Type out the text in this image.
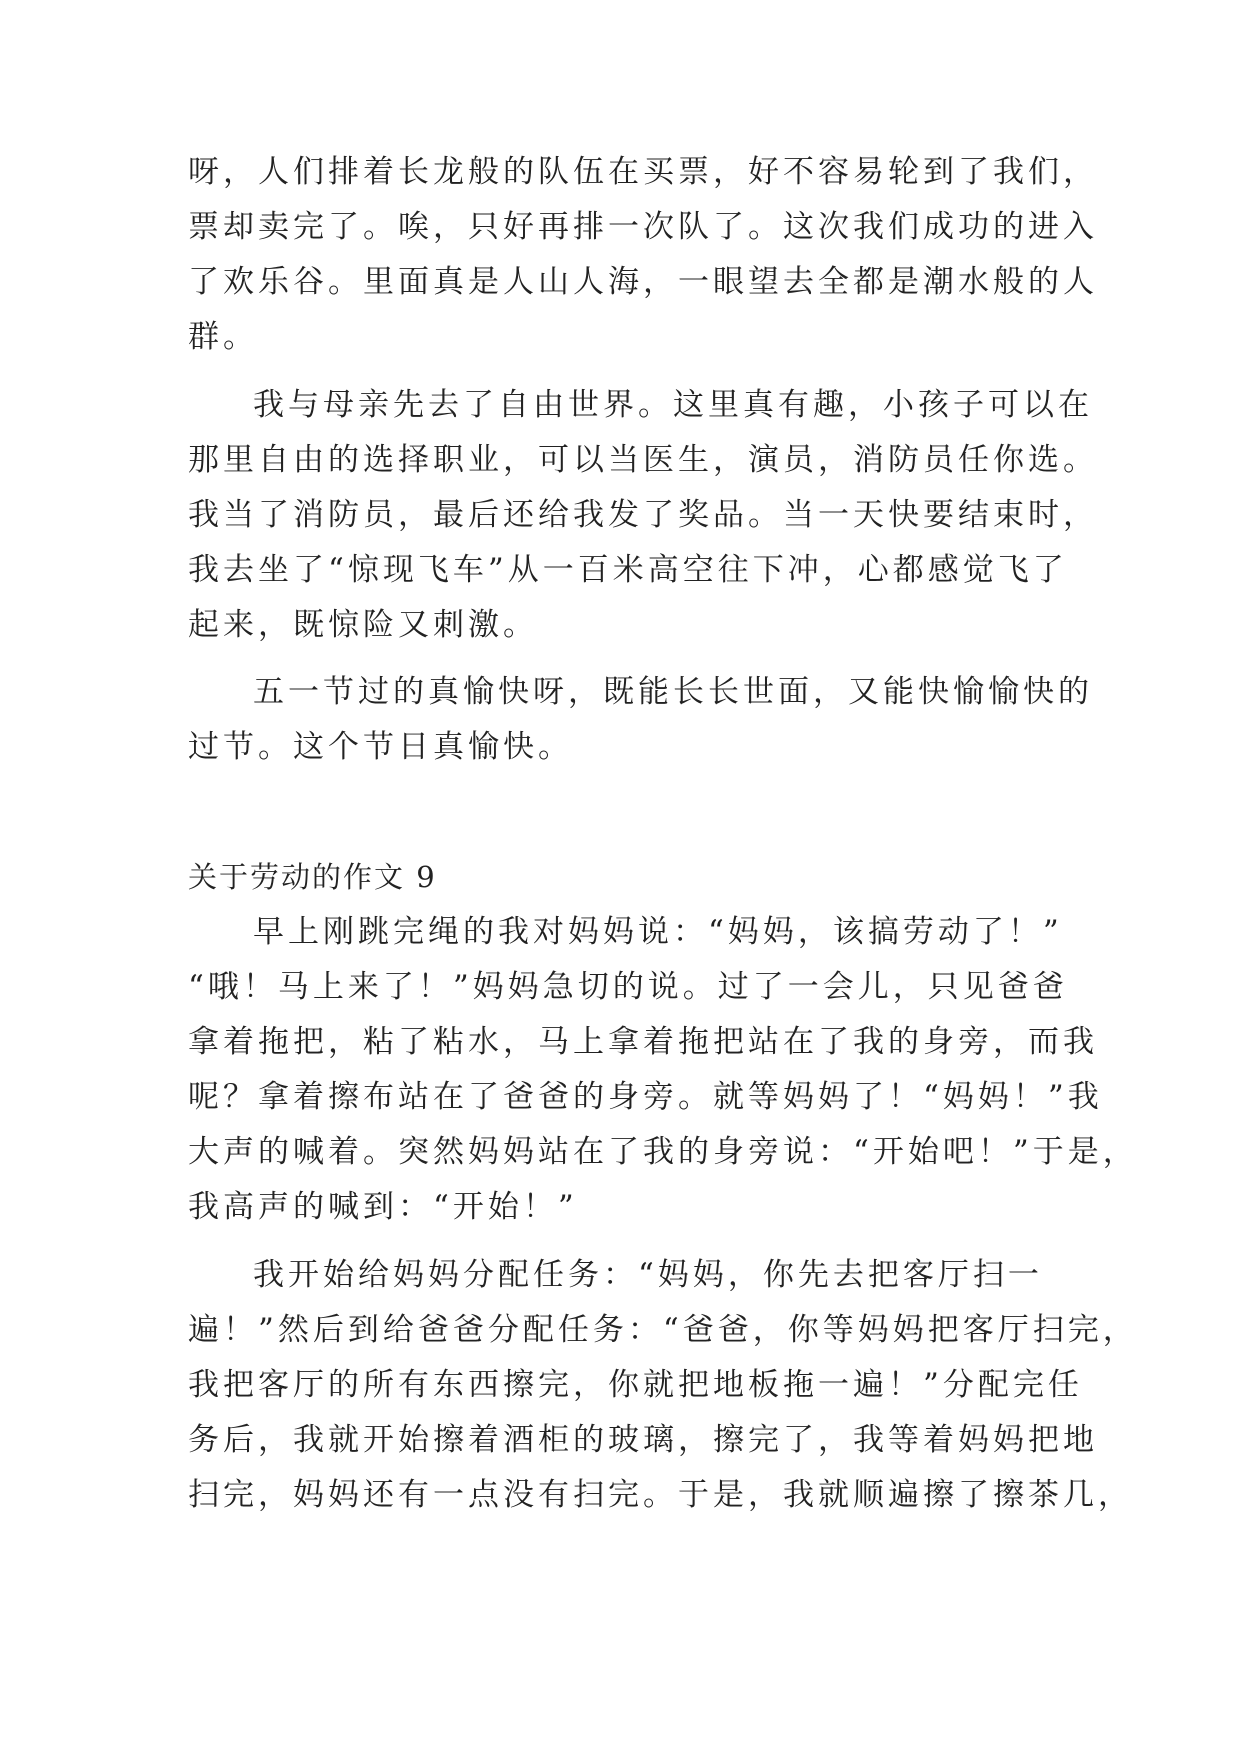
呀，人们排着长龙般的队伍在买票，好不容易轮到了我们，
票却卖完了。唉，只好再排一次队了。这次我们成功的进入
了欢乐谷。里面真是人山人海，一眼望去全都是潮水般的人
群。
我与母亲先去了自由世界。这里真有趣，小孩子可以在
那里自由的选择职业，可以当医生，演员，消防员任你选。
我当了消防员，最后还给我发了奖品。当一天快要结束时，
我去坐了“惊现飞车”从一百米高空往下冲，心都感觉飞了
起来，既惊险又刺激。
五一节过的真愉快呀，既能长长世面，又能快愉愉快的
过节。这个节日真愉快。
关于劳动的作文 9
早上刚跳完绳的我对妈妈说：“妈妈，该搞劳动了！”
“哦！马上来了！”妈妈急切的说。过了一会儿，只见爸爸
拿着拖把，粘了粘水，马上拿着拖把站在了我的身旁，而我
呢？拿着擦布站在了爸爸的身旁。就等妈妈了！“妈妈！”我
大声的喊着。突然妈妈站在了我的身旁说：“开始吧！”于是，
我高声的喊到：“开始！”
我开始给妈妈分配任务：“妈妈，你先去把客厅扫一
遍！”然后到给爸爸分配任务：“爸爸，你等妈妈把客厅扫完，
我把客厅的所有东西擦完，你就把地板拖一遍！”分配完任
务后，我就开始擦着酒柜的玻璃，擦完了，我等着妈妈把地
扫完，妈妈还有一点没有扫完。于是，我就顺遍擦了擦茶几，
